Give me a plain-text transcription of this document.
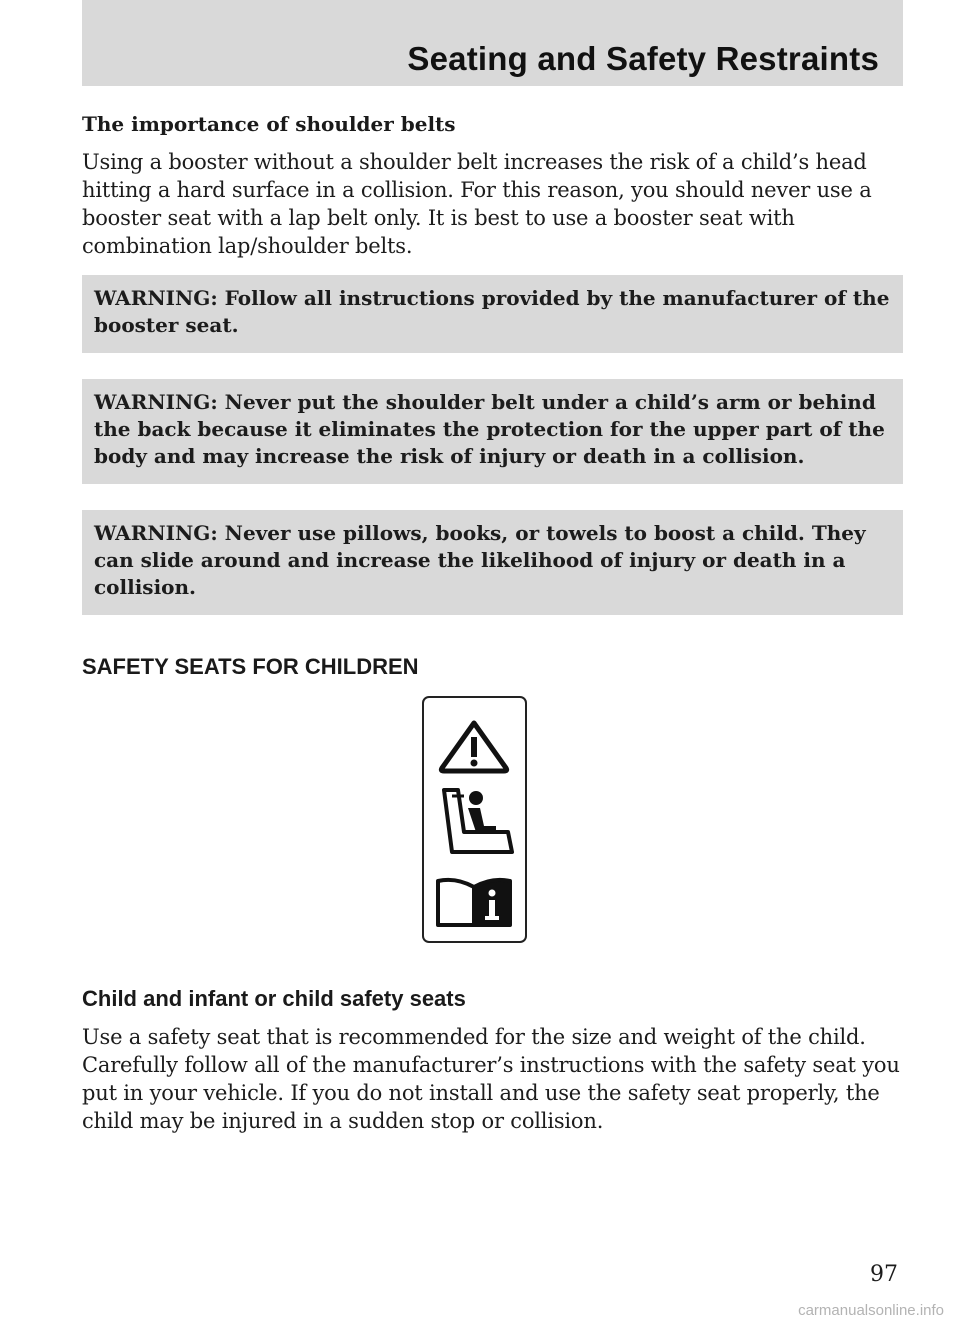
Seating and Safety Restraints
The importance of shoulder belts

Using a booster without a shoulder belt increases the risk of a child’s head hitting a hard surface in a collision. For this reason, you should never use a booster seat with a lap belt only. It is best to use a booster seat with combination lap/shoulder belts.

WARNING: Follow all instructions provided by the manufacturer of the booster seat.
WARNING: Never put the shoulder belt under a child’s arm or behind the back because it eliminates the protection for the upper part of the body and may increase the risk of injury or death in a collision.
WARNING: Never use pillows, books, or towels to boost a child. They can slide around and increase the likelihood of injury or death in a collision.
SAFETY SEATS FOR CHILDREN
Child and infant or child safety seats

Use a safety seat that is recommended for the size and weight of the child. Carefully follow all of the manufacturer’s instructions with the safety seat you put in your vehicle. If you do not install and use the safety seat properly, the child may be injured in a sudden stop or collision.

97
carmanualsonline.info
